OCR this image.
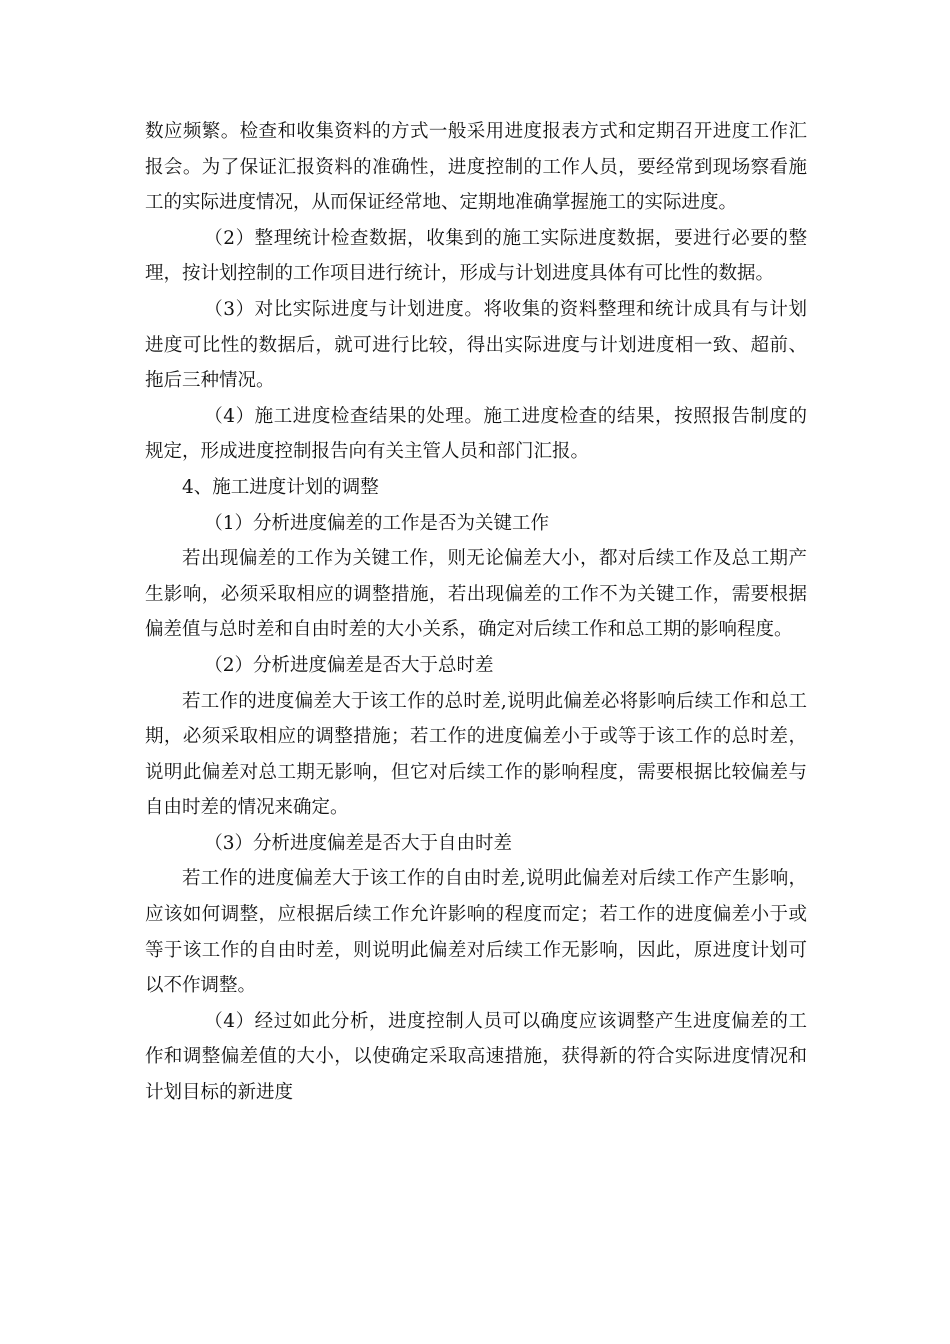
数应频繁。检查和收集资料的方式一般采用进度报表方式和定期召开进度工作汇报会。为了保证汇报资料的准确性，进度控制的工作人员，要经常到现场察看施工的实际进度情况，从而保证经常地、定期地准确掌握施工的实际进度。

（2）整理统计检查数据，收集到的施工实际进度数据，要进行必要的整理，按计划控制的工作项目进行统计，形成与计划进度具体有可比性的数据。

（3）对比实际进度与计划进度。将收集的资料整理和统计成具有与计划进度可比性的数据后，就可进行比较，得出实际进度与计划进度相一致、超前、拖后三种情况。

（4）施工进度检查结果的处理。施工进度检查的结果，按照报告制度的规定，形成进度控制报告向有关主管人员和部门汇报。

4、施工进度计划的调整

（1）分析进度偏差的工作是否为关键工作

若出现偏差的工作为关键工作，则无论偏差大小，都对后续工作及总工期产生影响，必须采取相应的调整措施，若出现偏差的工作不为关键工作，需要根据偏差值与总时差和自由时差的大小关系，确定对后续工作和总工期的影响程度。

（2）分析进度偏差是否大于总时差

若工作的进度偏差大于该工作的总时差,说明此偏差必将影响后续工作和总工期，必须采取相应的调整措施；若工作的进度偏差小于或等于该工作的总时差，说明此偏差对总工期无影响，但它对后续工作的影响程度，需要根据比较偏差与自由时差的情况来确定。

（3）分析进度偏差是否大于自由时差

若工作的进度偏差大于该工作的自由时差,说明此偏差对后续工作产生影响，应该如何调整，应根据后续工作允许影响的程度而定；若工作的进度偏差小于或等于该工作的自由时差，则说明此偏差对后续工作无影响，因此，原进度计划可以不作调整。

（4）经过如此分析，进度控制人员可以确度应该调整产生进度偏差的工作和调整偏差值的大小，以使确定采取高速措施，获得新的符合实际进度情况和计划目标的新进度
